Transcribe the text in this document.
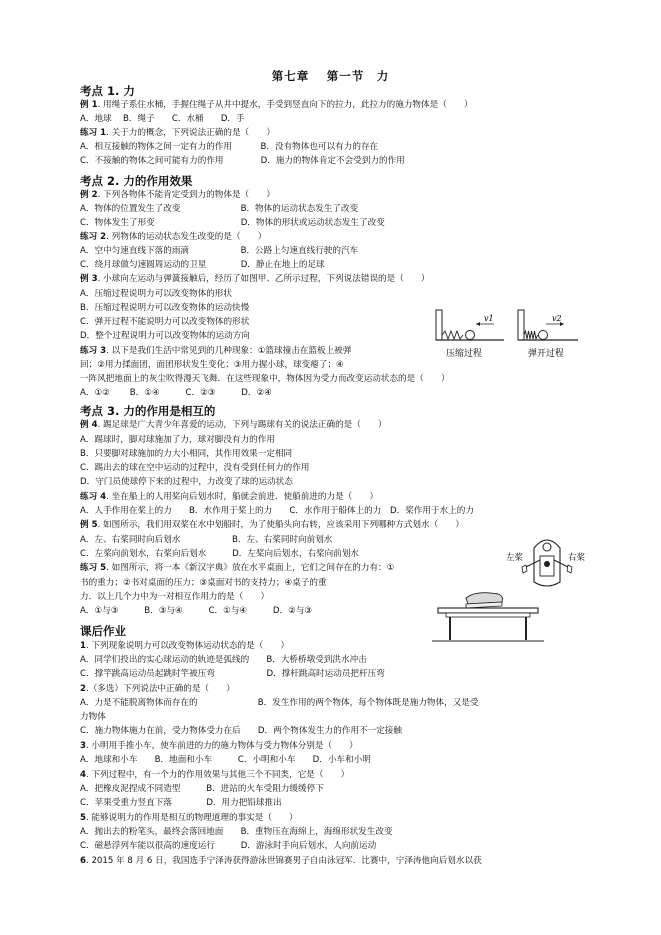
第七章　 第一节　力
考点 1. 力
考点 2. 力的作用效果
考点 3. 力的作用是相互的
课后作业
例 1. 用绳子系住水桶，手握住绳子从井中提水，手受到竖直向下的拉力，此拉力的施力物体是（　　）
A．地球　 B．绳子　　C．水桶　　D．手
练习 1. 关于力的概念，下列说法正确的是（　　）
A．相互接触的物体之间一定有力的作用　　　 B．没有物体也可以有力的存在
C．不接触的物体之间可能有力的作用　　　　 D．施力的物体肯定不会受到力的作用
例 2. 下列各物体不能肯定受到力的物体是（　　）
A．物体的位置发生了改变　　　　　　　B．物体的运动状态发生了改变
C．物体发生了形变　　　　　　　　　　D．物体的形状或运动状态发生了改变
练习 2. 列物体的运动状态发生改变的是（　　）
A．空中匀速直线下落的雨滴　　　　　　B．公路上匀速直线行驶的汽车
C．绕月球做匀速圆周运动的卫星　　　　D．静止在地上的足球
例 3. 小球向左运动与弹簧接触后，经历了如图甲、乙所示过程，下列说法错误的是（　　）
A．压缩过程说明力可以改变物体的形状
B．压缩过程说明力可以改变物体的运动快慢
C．弹开过程不能说明力可以改变物体的形状
D．整个过程说明力可以改变物体的运动方向
练习 3. 以下是我们生活中常见到的几种现象：①篮球撞击在篮板上被弹
回；②用力揉面团，面团形状发生变化；③用力握小球，球变瘪了；④
一阵风把地面上的灰尘吹得漫天飞舞．在这些现象中，物体因为受力而改变运动状态的是（　　）
A．①②　　 B．①④　　　C．②③　　　D．②④
例 4. 踢足球是广大青少年喜爱的运动，下列与踢球有关的说法正确的是（　　）
A．踢球时，脚对球施加了力，球对脚没有力的作用
B．只要脚对球施加的力大小相同，其作用效果一定相同
C．踢出去的球在空中运动的过程中，没有受到任何力的作用
D．守门员使球停下来的过程中，力改变了球的运动状态
练习 4. 坐在船上的人用桨向后划水时，船就会前进．使船前进的力是（　　）
A．人手作用在桨上的力　　B．水作用于桨上的力　　C．水作用于船体上的力　D．桨作用于水上的力
例 5. 如图所示，我们用双桨在水中划船时，为了使船头向右转，应该采用下列哪种方式划水（　　）
A．左、右桨同时向后划水　　　　　　B．左、右桨同时向前划水
C．左桨向前划水，右桨向后划水　　　D．左桨向后划水，右桨向前划水
练习 5. 如图所示，将一本《新汉字典》放在水平桌面上，它们之间存在的力有：①
书的重力；②书对桌面的压力；③桌面对书的支持力；④桌子的重
力．以上几个力中为一对相互作用力的是（　　）
A．①与③　　　B．③与④　　　C．①与④　　　D．②与③
1. 下列现象说明力可以改变物体运动状态的是（　　）
A．同学们投出的实心球运动的轨迹是弧线的　　B．大桥桥墩受到洪水冲击
C．撑竿跳高运动员起跳时竿被压弯　　　　　　D．撑杆跳高时运动员把杆压弯
2.（多选）下列说法中正确的是（　　）
A．力是不能脱离物体而存在的　　　　　　　B．发生作用的两个物体，每个物体既是施力物体，又是受
力物体
C．施力物体施力在前，受力物体受力在后　　D．两个物体发生力的作用不一定接触
3. 小明用手推小车，使车前进的力的施力物体与受力物体分别是（　　）
A．地球和小车　　B．地面和小车　　　C．小明和小车　　D．小车和小明
4. 下列过程中，有一个力的作用效果与其他三个不同类，它是（　　）
A．把橡皮泥捏成不同造型　　　B．进站的火车受阻力缓缓停下
C．苹果受重力竖直下落　　　　D．用力把铅球推出
5. 能够说明力的作用是相互的物理道理的事实是（　　）
A．抛出去的粉笔头，最终会落回地面　　B．重物压在海绵上，海绵形状发生改变
C．磁悬浮列车能以很高的速度运行　　　D．游泳时手向后划水，人向前运动
6. 2015 年 8 月 6 日，我国选手宁泽涛获得游泳世锦赛男子自由泳冠军．比赛中，宁泽涛他向后划水以获
v1
压缩过程
v2
弹开过程
左桨	右桨
